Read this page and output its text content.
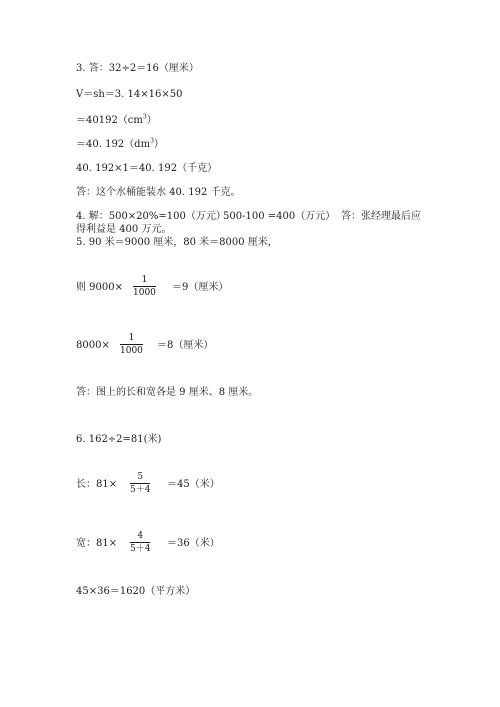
3. 答：32÷2＝16（厘米）
V＝sh＝3. 14×16×50
$=40192(cm^3)$
＝40. $192(dm^3)$
40. 192×1＝40. 192（千克）
答：这个水桶能装水 40. 192 千克。
4. 解：500×20%=100（万元）
500-100 =400（万元） 答：张经理最后应
得利益是 400 万元。
5. 90 米＝9000 厘米，80 米＝8000 厘米，
则 9000×
1
1000 ＝9（厘米）
8000×
1
1000 ＝8（厘米）
答：图上的长和宽各是 9 厘米、8 厘米。
6. 162÷2=81(米)
长：81×
5
5＋4 ＝45（米）
宽：81×
4
5＋4 ＝36（米）
45×36＝1620（平方米）
